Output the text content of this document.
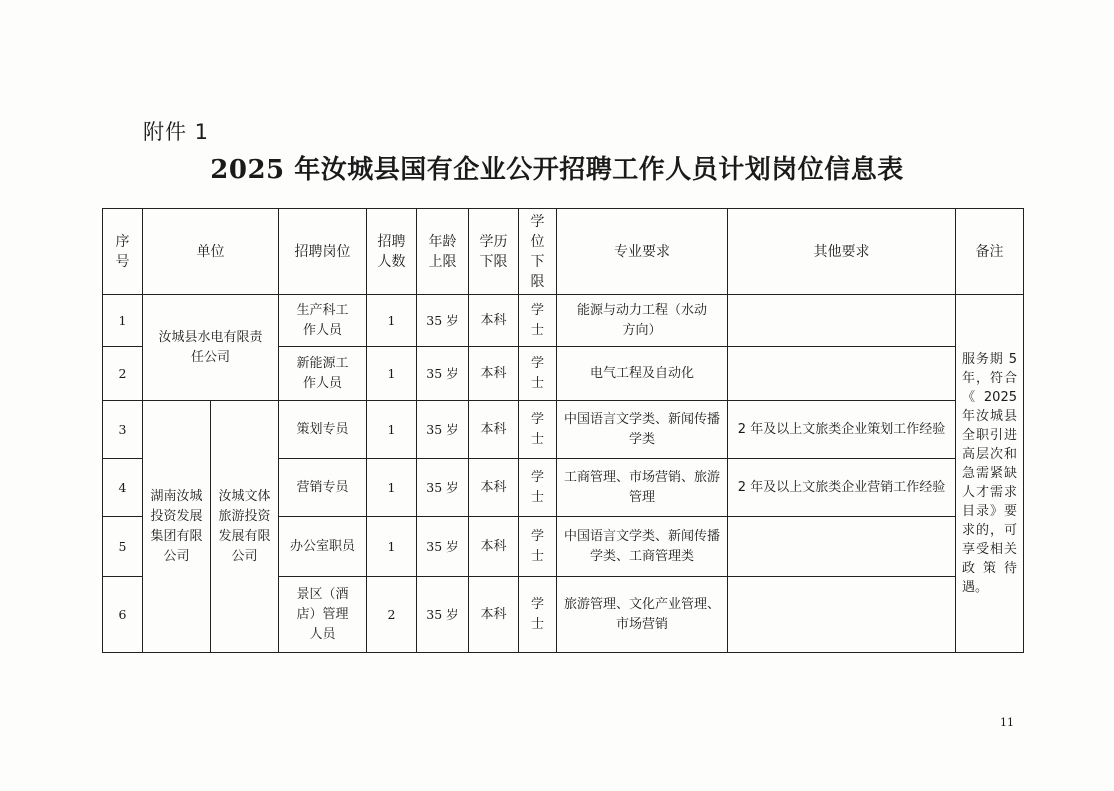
附件 1
2025 年汝城县国有企业公开招聘工作人员计划岗位信息表
序号	单位		招聘岗位	招聘人数	年龄上限	学历下限	学位下限	专业要求	其他要求	备注
1	汝城县水电有限责任公司		生产科工作人员	1	35 岁	本科	学士	能源与动力工程（水动方向）		服务期 5 年，符合《2025 年汝城县全职引进高层次和急需紧缺人才需求目录》要求的，可享受相关政策待遇。
2			新能源工作人员	1	35 岁	本科	学士	电气工程及自动化		
3	湖南汝城投资发展集团有限公司	汝城文体旅游投资发展有限公司	策划专员	1	35 岁	本科	学士	中国语言文学类、新闻传播学类	2 年及以上文旅类企业策划工作经验	
4			营销专员	1	35 岁	本科	学士	工商管理、市场营销、旅游管理	2 年及以上文旅类企业营销工作经验	
5			办公室职员	1	35 岁	本科	学士	中国语言文学类、新闻传播学类、工商管理类		
6			景区（酒店）管理人员	2	35 岁	本科	学士	旅游管理、文化产业管理、市场营销		
11
